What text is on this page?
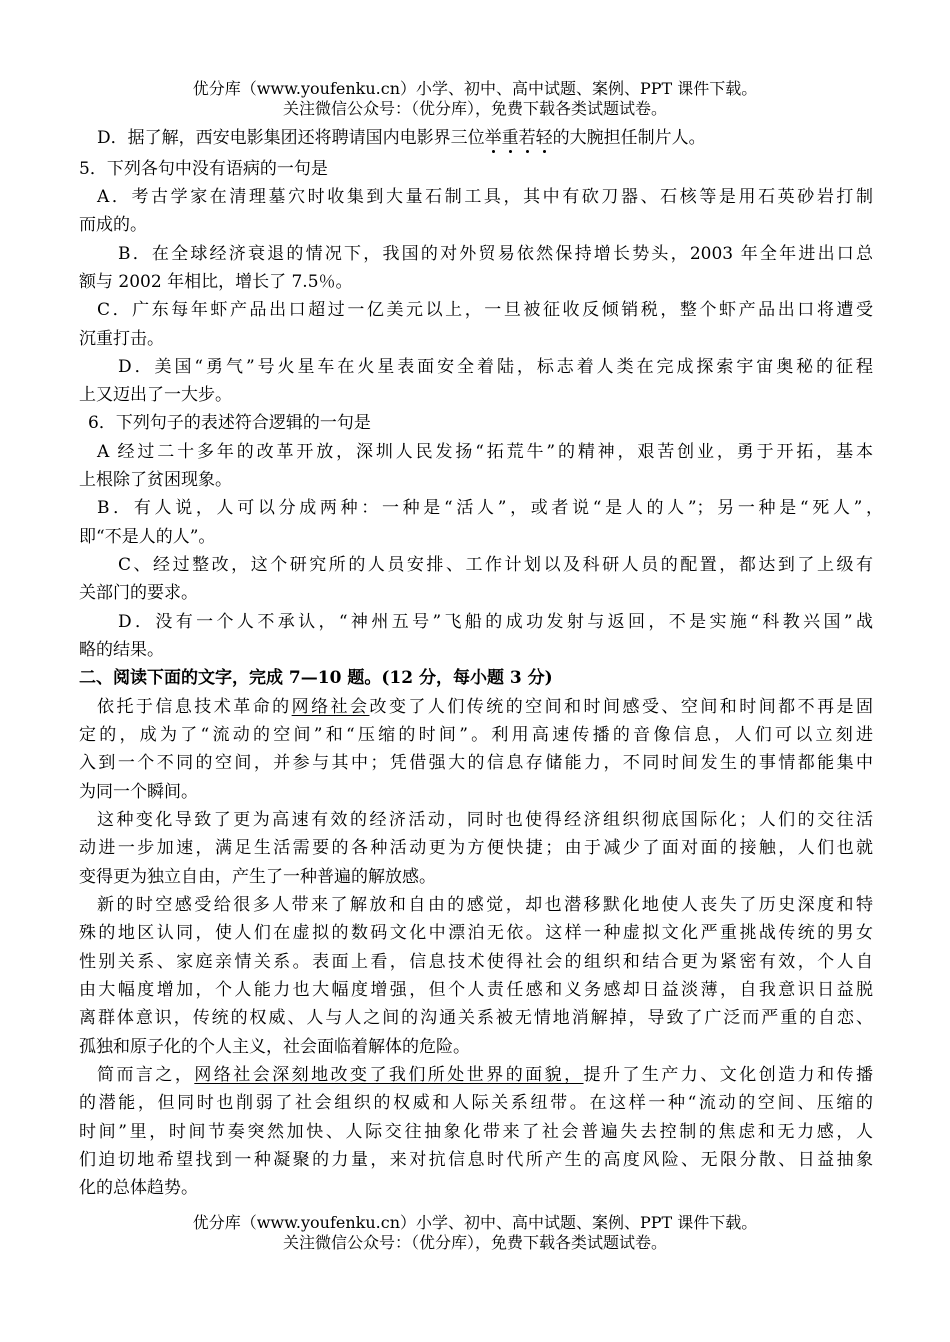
优分库（www.youfenku.cn）小学、初中、高中试题、案例、PPT 课件下载。
关注微信公众号：（优分库），免费下载各类试题试卷。
D．据了解，西安电影集团还将聘请国内电影界三位举重若轻的大腕担任制片人。
5．下列各句中没有语病的一句是
A．考古学家在清理墓穴时收集到大量石制工具，其中有砍刀器、石核等是用石英砂岩打制
而成的。
B．在全球经济衰退的情况下，我国的对外贸易依然保持增长势头，2003 年全年进出口总
额与 2002 年相比，增长了 7.5％。
C．广东每年虾产品出口超过一亿美元以上，一旦被征收反倾销税，整个虾产品出口将遭受
沉重打击。
D．美国“勇气”号火星车在火星表面安全着陆，标志着人类在完成探索宇宙奥秘的征程
上又迈出了一大步。
6．下列句子的表述符合逻辑的一句是
A 经过二十多年的改革开放，深圳人民发扬“拓荒牛”的精神，艰苦创业，勇于开拓，基本
上根除了贫困现象。
B．有人说，人可以分成两种：一种是“活人”，或者说“是人的人”；另一种是“死人”，
即“不是人的人”。
C、经过整改，这个研究所的人员安排、工作计划以及科研人员的配置，都达到了上级有
关部门的要求。
D．没有一个人不承认，“神州五号”飞船的成功发射与返回，不是实施“科教兴国”战
略的结果。
二、阅读下面的文字，完成 7—10 题。(12 分，每小题 3 分)
依托于信息技术革命的网络社会改变了人们传统的空间和时间感受、空间和时间都不再是固
定的，成为了“流动的空间”和“压缩的时间”。利用高速传播的音像信息，人们可以立刻进
入到一个不同的空间，并参与其中；凭借强大的信息存储能力，不同时间发生的事情都能集中
为同一个瞬间。
这种变化导致了更为高速有效的经济活动，同时也使得经济组织彻底国际化；人们的交往活
动进一步加速，满足生活需要的各种活动更为方便快捷；由于减少了面对面的接触，人们也就
变得更为独立自由，产生了一种普遍的解放感。
新的时空感受给很多人带来了解放和自由的感觉，却也潜移默化地使人丧失了历史深度和特
殊的地区认同，使人们在虚拟的数码文化中漂泊无依。这样一种虚拟文化严重挑战传统的男女
性别关系、家庭亲情关系。表面上看，信息技术使得社会的组织和结合更为紧密有效，个人自
由大幅度增加，个人能力也大幅度增强，但个人责任感和义务感却日益淡薄，自我意识日益脱
离群体意识，传统的权威、人与人之间的沟通关系被无情地消解掉，导致了广泛而严重的自恋、
孤独和原子化的个人主义，社会面临着解体的危险。
简而言之，网络社会深刻地改变了我们所处世界的面貌，提升了生产力、文化创造力和传播
的潜能，但同时也削弱了社会组织的权威和人际关系纽带。在这样一种“流动的空间、压缩的
时间”里，时间节奏突然加快、人际交往抽象化带来了社会普遍失去控制的焦虑和无力感，人
们迫切地希望找到一种凝聚的力量，来对抗信息时代所产生的高度风险、无限分散、日益抽象
化的总体趋势。
优分库（www.youfenku.cn）小学、初中、高中试题、案例、PPT 课件下载。
关注微信公众号：（优分库），免费下载各类试题试卷。
